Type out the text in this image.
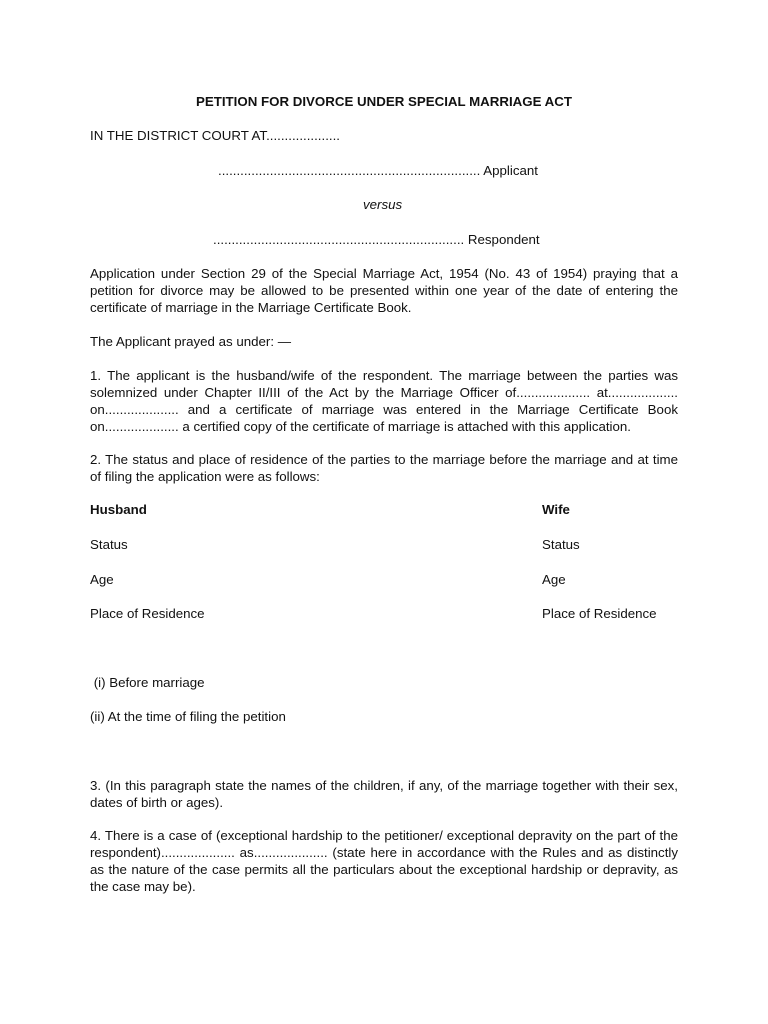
PETITION FOR DIVORCE UNDER SPECIAL MARRIAGE ACT
IN THE DISTRICT COURT AT....................
....................................................................... Applicant
versus
.................................................................... Respondent
Application under Section 29 of the Special Marriage Act, 1954 (No. 43 of 1954) praying that a petition for divorce may be allowed to be presented within one year of the date of entering the certificate of marriage in the Marriage Certificate Book.
The Applicant prayed as under: —
1. The applicant is the husband/wife of the respondent. The marriage between the parties was solemnized under Chapter II/III of the Act by the Marriage Officer of.................... at................... on.................... and a certificate of marriage was entered in the Marriage Certificate Book on.................... a certified copy of the certificate of marriage is attached with this application.
2. The status and place of residence of the parties to the marriage before the marriage and at time of filing the application were as follows:
Husband	Wife
Status	Status
Age	Age
Place of Residence	Place of Residence
(i) Before marriage
(ii) At the time of filing the petition
3. (In this paragraph state the names of the children, if any, of the marriage together with their sex, dates of birth or ages).
4. There is a case of (exceptional hardship to the petitioner/ exceptional depravity on the part of the respondent).................... as.................... (state here in accordance with the Rules and as distinctly as the nature of the case permits all the particulars about the exceptional hardship or depravity, as the case may be).
